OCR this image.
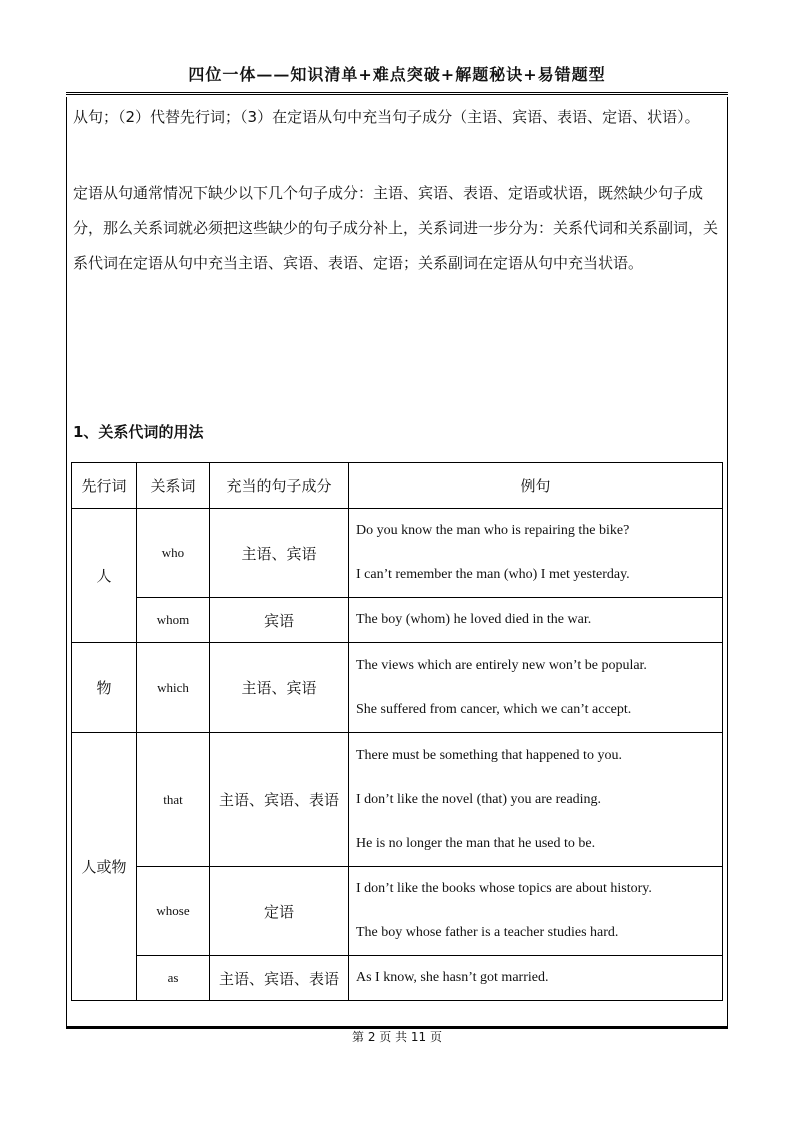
四位一体——知识清单+难点突破+解题秘诀+易错题型
从句；（2）代替先行词；（3）在定语从句中充当句子成分（主语、宾语、表语、定语、状语）。
定语从句通常情况下缺少以下几个句子成分：主语、宾语、表语、定语或状语，既然缺少句子成分，那么关系词就必须把这些缺少的句子成分补上，关系词进一步分为：关系代词和关系副词，关系代词在定语从句中充当主语、宾语、表语、定语；关系副词在定语从句中充当状语。
1、关系代词的用法
先行词	关系词	充当的句子成分	例句
人	who	主语、宾语	Do you know the man who is repairing the bike?
I can’t remember the man (who) I met yesterday.

	whom	宾语	The boy (whom) he loved died in the war.

物	which	主语、宾语	The views which are entirely new won’t be popular.
She suffered from cancer, which we can’t accept.

人或物	that	主语、宾语、表语	There must be something that happened to you.
I don’t like the novel (that) you are reading.
He is no longer the man that he used to be.

	whose	定语	I don’t like the books whose topics are about history.
The boy whose father is a teacher studies hard.

	as	主语、宾语、表语	As I know, she hasn’t got married.
第 2 页 共 11 页
